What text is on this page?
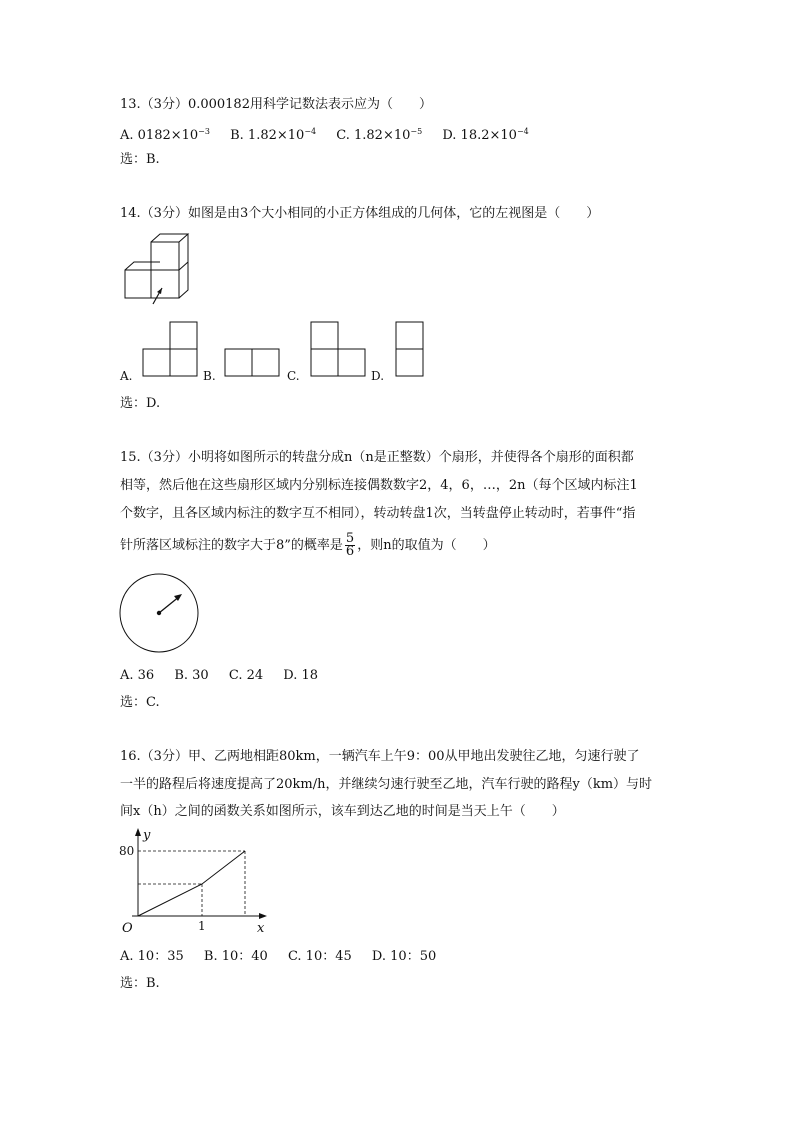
13.（3分）0.000182用科学记数法表示应为（　　）
A. $0182\times 10^{-3}$ B. $1.82\times 10^{-4}$ C. $1.82\times 10^{-5}$ D. $18.2\times 10^{-4}$
选：B.
14.（3分）如图是由3个大小相同的小正方体组成的几何体，它的左视图是（　　）
A.	B.	C.	D.
选：D.
15.（3分）小明将如图所示的转盘分成n（n是正整数）个扇形，并使得各个扇形的面积都
相等，然后他在这些扇形区域内分别标连接偶数数字2，4，6，…，2n（每个区域内标注1
个数字，且各区域内标注的数字互不相同），转动转盘1次，当转盘停止转动时，若事件“指
针所落区域标注的数字大于8”的概率是 $\frac{5}{6}$ ，则n的取值为（　　）
A. 36 B. 30 C. 24 D. 18
选：C.
16.（3分）甲、乙两地相距80km，一辆汽车上午9：00从甲地出发驶往乙地，匀速行驶了
一半的路程后将速度提高了20km/h，并继续匀速行驶至乙地，汽车行驶的路程y（km）与时
间x（h）之间的函数关系如图所示，该车到达乙地的时间是当天上午（　　）
y
80
1
O	x
A. 10：35 B. 10：40 C. 10：45 D. 10：50
选：B.
